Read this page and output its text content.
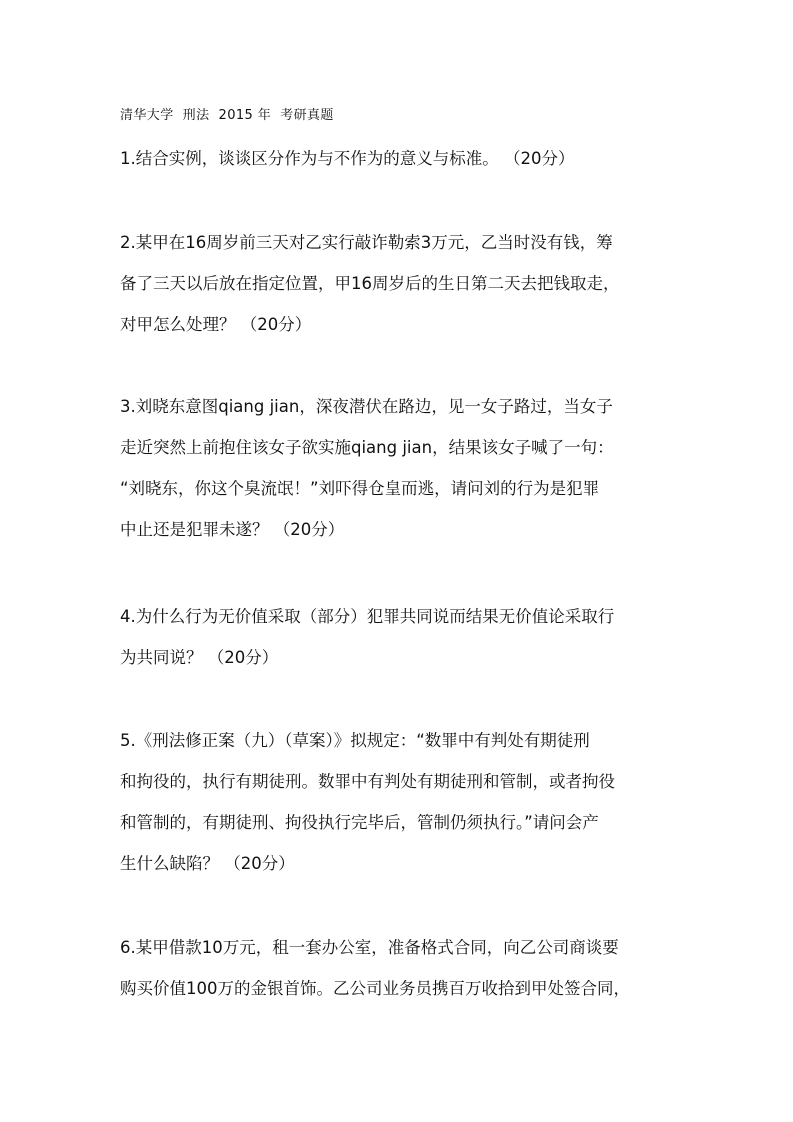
清华大学  刑法  2015 年  考研真题
1.结合实例，谈谈区分作为与不作为的意义与标准。 （20分）
2.某甲在16周岁前三天对乙实行敲诈勒索3万元，乙当时没有钱，筹
备了三天以后放在指定位置，甲16周岁后的生日第二天去把钱取走，
对甲怎么处理？ （20分）
3.刘晓东意图qiang jian，深夜潜伏在路边，见一女子路过，当女子
走近突然上前抱住该女子欲实施qiang jian，结果该女子喊了一句：
“刘晓东，你这个臭流氓！”刘吓得仓皇而逃，请问刘的行为是犯罪
中止还是犯罪未遂？ （20分）
4.为什么行为无价值采取（部分）犯罪共同说而结果无价值论采取行
为共同说？ （20分）
5.《刑法修正案（九）（草案）》拟规定：“数罪中有判处有期徒刑
和拘役的，执行有期徒刑。数罪中有判处有期徒刑和管制，或者拘役
和管制的，有期徒刑、拘役执行完毕后，管制仍须执行。”请问会产
生什么缺陷？ （20分）
6.某甲借款10万元，租一套办公室，准备格式合同，向乙公司商谈要
购买价值100万的金银首饰。乙公司业务员携百万收拾到甲处签合同，
